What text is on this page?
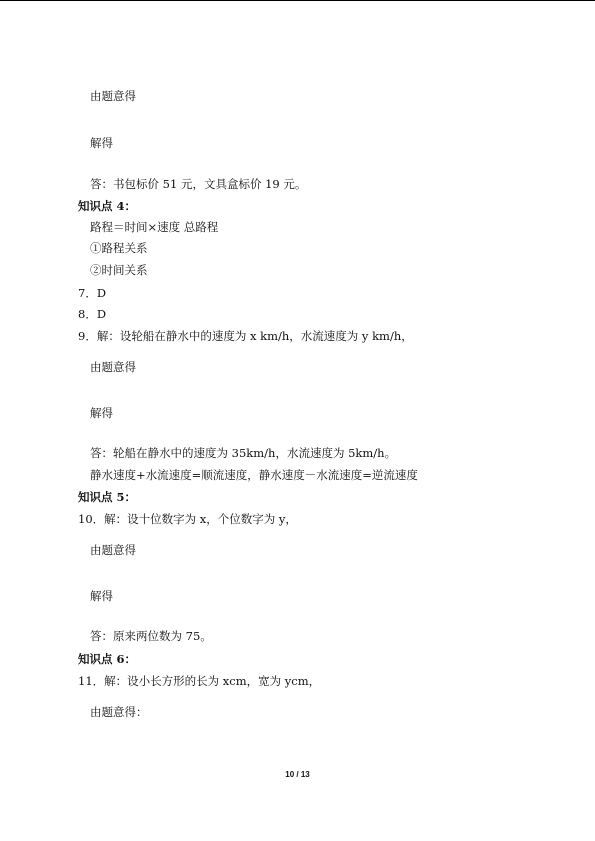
由题意得
解得
答：书包标价 51 元，文具盒标价 19 元。
知识点 4：
路程＝时间×速度 总路程
①路程关系
②时间关系
7．D
8．D
9．解：设轮船在静水中的速度为 x km/h，水流速度为 y km/h，
由题意得
解得
答：轮船在静水中的速度为 35km/h，水流速度为 5km/h。
静水速度+水流速度=顺流速度，静水速度－水流速度=逆流速度
知识点 5：
10．解：设十位数字为 x，个位数字为 y，
由题意得
解得
答：原来两位数为 75。
知识点 6：
11．解：设小长方形的长为 xcm，宽为 ycm，
由题意得：
10 / 13
